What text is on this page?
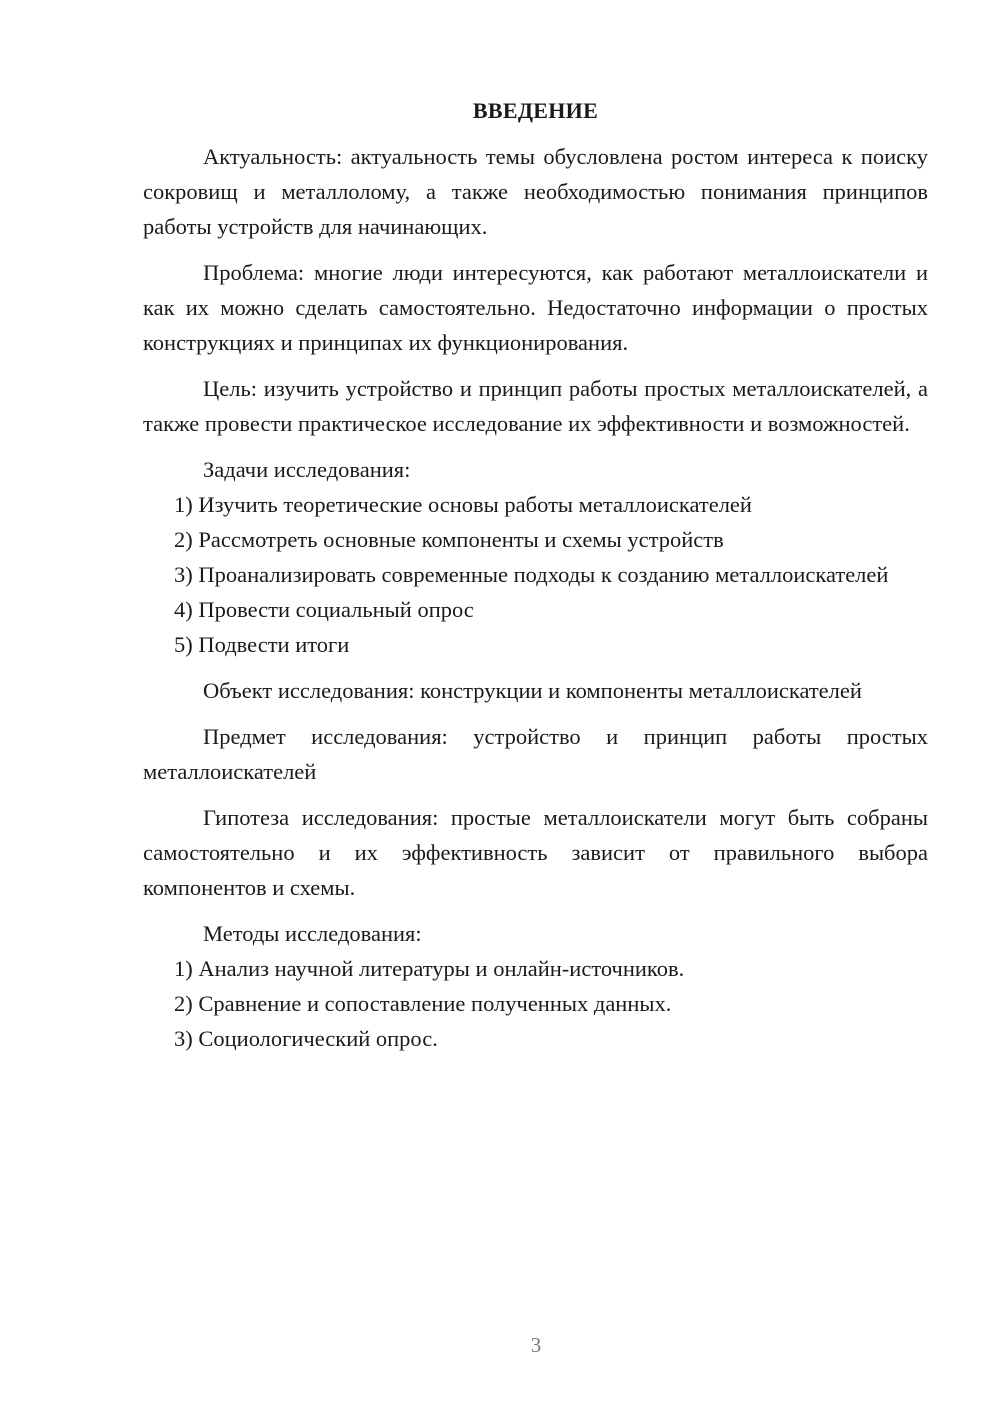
ВВЕДЕНИЕ

Актуальность: актуальность темы обусловлена ростом интереса к поиску сокровищ и металлолому, а также необходимостью понимания принципов работы устройств для начинающих.

Проблема: многие люди интересуются, как работают металлоискатели и как их можно сделать самостоятельно. Недостаточно информации о простых конструкциях и принципах их функционирования.

Цель: изучить устройство и принцип работы простых металлоискателей, а также провести практическое исследование их эффективности и возможностей.

Задачи исследования:

1) Изучить теоретические основы работы металлоискателей

2) Рассмотреть основные компоненты и схемы устройств

3) Проанализировать современные подходы к созданию металлоискателей

4) Провести социальный опрос

5) Подвести итоги

Объект исследования: конструкции и компоненты металлоискателей

Предмет исследования: устройство и принцип работы простых металлоискателей

Гипотеза исследования: простые металлоискатели могут быть собраны самостоятельно и их эффективность зависит от правильного выбора компонентов и схемы.

Методы исследования:

1) Анализ научной литературы и онлайн-источников.

2) Сравнение и сопоставление полученных данных.

3) Социологический опрос.

3
